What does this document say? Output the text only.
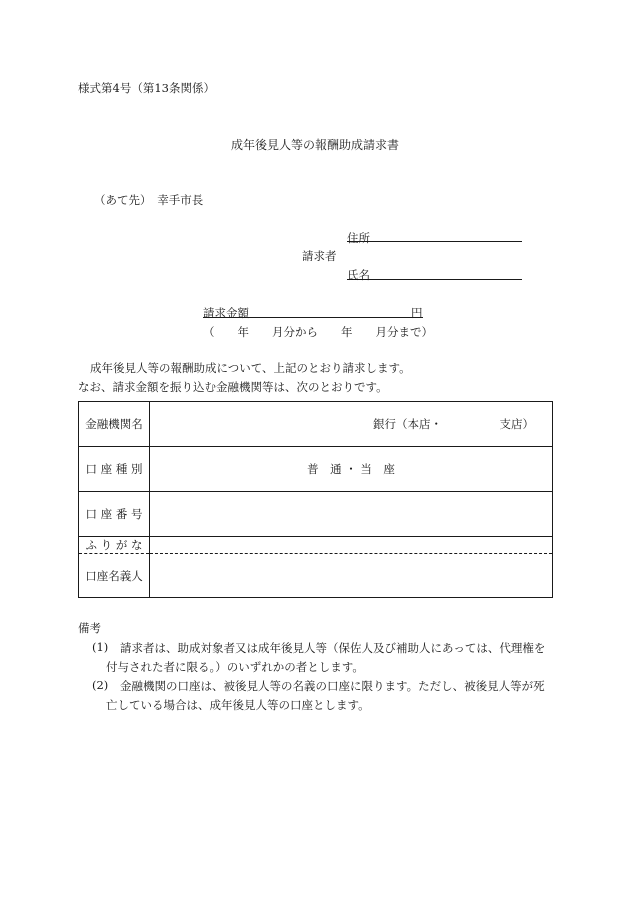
様式第4号（第13条関係）
成年後見人等の報酬助成請求書
（あて先）　幸手市長
住所
請求者
氏名
請求金額	円
（　　年　　月分から　　年　　月分まで）
成年後見人等の報酬助成について、上記のとおり請求します。
なお、請求金額を振り込む金融機関等は、次のとおりです。
金融機関名	銀行（本店・　　　　　支店）
口 座 種 別	普　通 ・ 当　座
口 座 番 号	
ふ り が な	
口座名義人	
備考
(1) 請求者は、助成対象者又は成年後見人等（保佐人及び補助人にあっては、代理権を
付与された者に限る。）のいずれかの者とします。
(2) 金融機関の口座は、被後見人等の名義の口座に限ります。ただし、被後見人等が死
亡している場合は、成年後見人等の口座とします。
